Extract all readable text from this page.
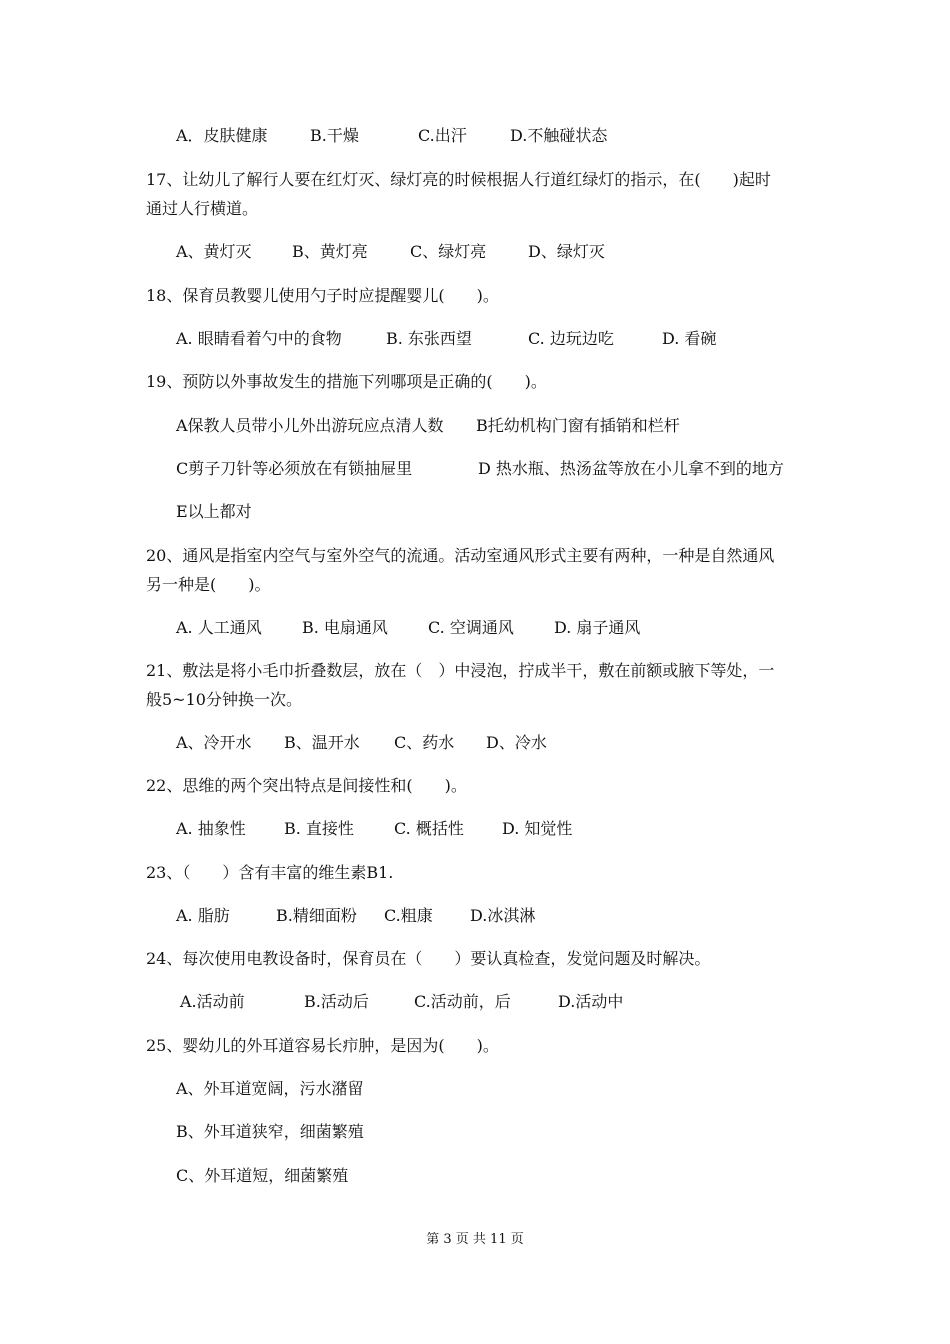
A．皮肤健康	B.干燥	C.出汗	D.不触碰状态
17、让幼儿了解行人要在红灯灭、绿灯亮的时候根据人行道红绿灯的指示，在(　　)起时
通过人行横道。
A、黄灯灭	B、黄灯亮	C、绿灯亮	D、绿灯灭
18、保育员教婴儿使用勺子时应提醒婴儿(　　)。
A. 眼睛看着勺中的食物	B. 东张西望	C. 边玩边吃	D. 看碗
19、预防以外事故发生的措施下列哪项是正确的(　　)。
A保教人员带小儿外出游玩应点清人数 B托幼机构门窗有插销和栏杆
C剪子刀针等必须放在有锁抽屉里	D 热水瓶、热汤盆等放在小儿拿不到的地方
E以上都对
20、通风是指室内空气与室外空气的流通。活动室通风形式主要有两种，一种是自然通风
另一种是(　　)。
A. 人工通风	B. 电扇通风	C. 空调通风	D. 扇子通风
21、敷法是将小毛巾折叠数层，放在（　）中浸泡，拧成半干，敷在前额或腋下等处，一
般5~10分钟换一次。
A、冷开水 B、温开水 C、药水 D、冷水
22、思维的两个突出特点是间接性和(　　)。
A. 抽象性 B. 直接性	C. 概括性 D. 知觉性
23、（　　）含有丰富的维生素B1.
A. 脂肪	B.精细面粉 C.粗康 D.冰淇淋
24、每次使用电教设备时，保育员在（　　）要认真检查，发觉问题及时解决。
A.活动前	B.活动后	C.活动前，后	D.活动中
25、婴幼儿的外耳道容易长疖肿，是因为(　　)。
A、外耳道宽阔，污水潴留
B、外耳道狭窄，细菌繁殖
C、外耳道短，细菌繁殖
第 3 页 共 11 页
